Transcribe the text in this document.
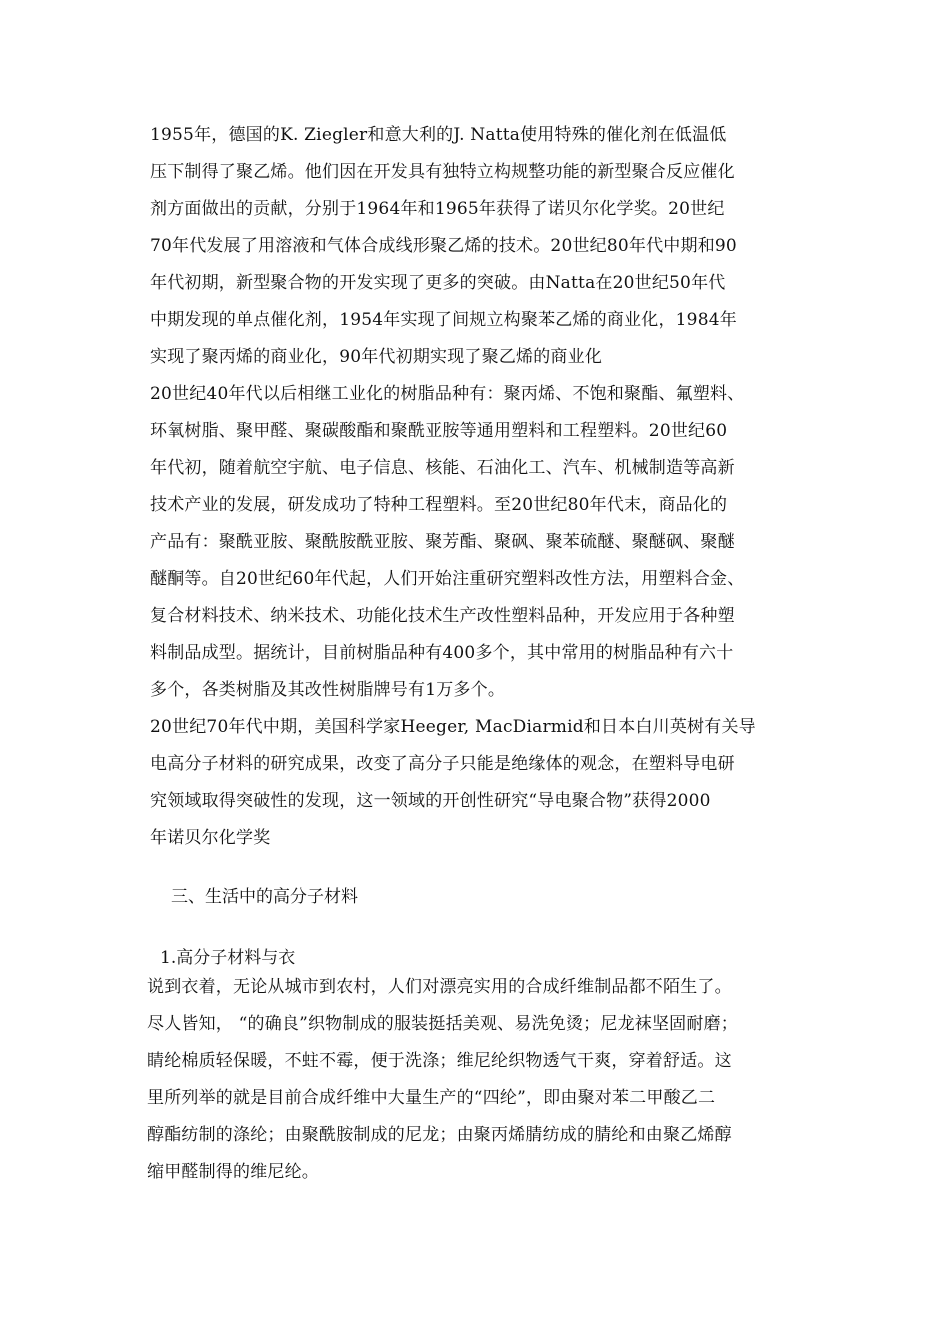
1955年，德国的K. Ziegler和意大利的J. Natta使用特殊的催化剂在低温低
压下制得了聚乙烯。他们因在开发具有独特立构规整功能的新型聚合反应催化
剂方面做出的贡献，分别于1964年和1965年获得了诺贝尔化学奖。20世纪
70年代发展了用溶液和气体合成线形聚乙烯的技术。20世纪80年代中期和90
年代初期，新型聚合物的开发实现了更多的突破。由Natta在20世纪50年代
中期发现的单点催化剂，1954年实现了间规立构聚苯乙烯的商业化，1984年
实现了聚丙烯的商业化，90年代初期实现了聚乙烯的商业化
20世纪40年代以后相继工业化的树脂品种有：聚丙烯、不饱和聚酯、氟塑料、
环氧树脂、聚甲醛、聚碳酸酯和聚酰亚胺等通用塑料和工程塑料。20世纪60
年代初，随着航空宇航、电子信息、核能、石油化工、汽车、机械制造等高新
技术产业的发展，研发成功了特种工程塑料。至20世纪80年代末，商品化的
产品有：聚酰亚胺、聚酰胺酰亚胺、聚芳酯、聚砜、聚苯硫醚、聚醚砜、聚醚
醚酮等。自20世纪60年代起，人们开始注重研究塑料改性方法，用塑料合金、
复合材料技术、纳米技术、功能化技术生产改性塑料品种，开发应用于各种塑
料制品成型。据统计，目前树脂品种有400多个，其中常用的树脂品种有六十
多个，各类树脂及其改性树脂牌号有1万多个。
20世纪70年代中期，美国科学家Heeger, MacDiarmid和日本白川英树有关导
电高分子材料的研究成果，改变了高分子只能是绝缘体的观念，在塑料导电研
究领域取得突破性的发现，这一领域的开创性研究“导电聚合物”获得2000
年诺贝尔化学奖
三、生活中的高分子材料
1.高分子材料与衣
说到衣着，无论从城市到农村，人们对漂亮实用的合成纤维制品都不陌生了。
尽人皆知， “的确良”织物制成的服装挺括美观、易洗免烫；尼龙袜坚固耐磨；
睛纶棉质轻保暖，不蛀不霉，便于洗涤；维尼纶织物透气干爽，穿着舒适。这
里所列举的就是目前合成纤维中大量生产的“四纶”，即由聚对苯二甲酸乙二
醇酯纺制的涤纶；由聚酰胺制成的尼龙；由聚丙烯腈纺成的腈纶和由聚乙烯醇
缩甲醛制得的维尼纶。
